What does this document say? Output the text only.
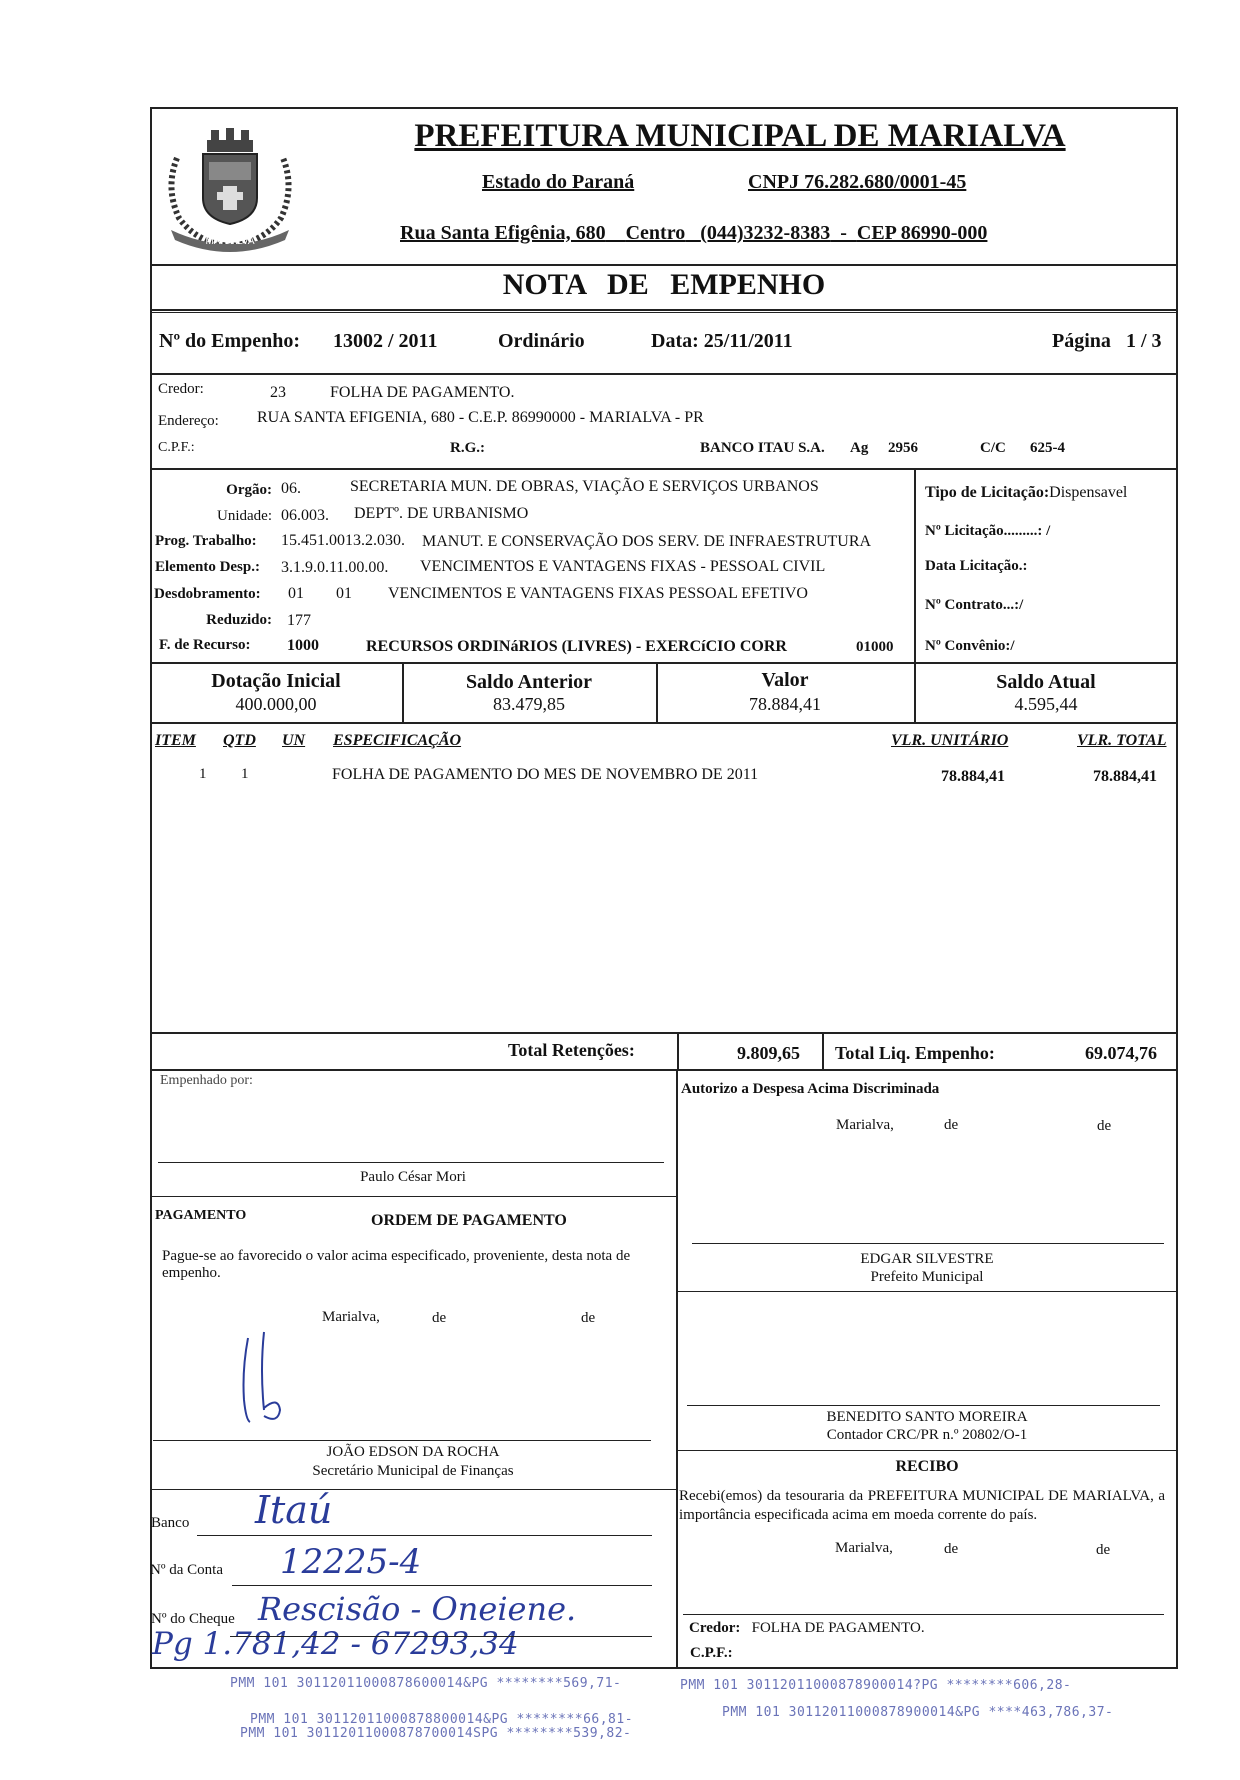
MARIALVA
PREFEITURA MUNICIPAL DE MARIALVA
Estado do Paraná	CNPJ 76.282.680/0001-45
Rua Santa Efigênia, 680 Centro (044)3232-8383  -  CEP 86990-000
NOTA DE EMPENHO
Nº do Empenho: 13002 / 2011	Ordinário	Data: 25/11/2011	Página 1 / 3
Credor:	23	FOLHA DE PAGAMENTO.
Endereço: RUA SANTA EFIGENIA, 680 - C.E.P. 86990000 - MARIALVA - PR
C.P.F.:	R.G.:	BANCO ITAU S.A. Ag 2956	C/C 625-4
Orgão: 06.	SECRETARIA MUN. DE OBRAS, VIAÇÃO E SERVIÇOS URBANOS
Unidade: 06.003. DEPTº. DE URBANISMO
Prog. Trabalho: 15.451.0013.2.030. MANUT. E CONSERVAÇÃO DOS SERV. DE INFRAESTRUTURA
Elemento Desp.: 3.1.9.0.11.00.00. VENCIMENTOS E VANTAGENS FIXAS - PESSOAL CIVIL
Desdobramento: 01 01 VENCIMENTOS E VANTAGENS FIXAS PESSOAL EFETIVO
Reduzido: 177
F. de Recurso: 1000	RECURSOS ORDINáRIOS (LIVRES) - EXERCíCIO CORR	01000
Tipo de Licitação:Dispensavel
Nº Licitação.........: /
Data Licitação.:
Nº Contrato...:/
Nº Convênio:/
Dotação Inicial
400.000,00
Saldo Anterior
83.479,85
Valor
78.884,41
Saldo Atual
4.595,44
ITEM QTD UN ESPECIFICAÇÃO	VLR. UNITÁRIO	VLR. TOTAL
1 1	FOLHA DE PAGAMENTO DO MES DE NOVEMBRO DE 2011	78.884,41	78.884,41
Total Retenções:	9.809,65 Total Liq. Empenho:	69.074,76
Empenhado por:
Paulo César Mori
PAGAMENTO	ORDEM DE PAGAMENTO
Pague-se ao favorecido o valor acima especificado, proveniente, desta nota de empenho.
Marialva,	de	de
JOÃO EDSON DA ROCHA
Secretário Municipal de Finanças
Banco Itaú
Nº da Conta 12225-4
Nº do Cheque Rescisão - Oneiene.
Pg 1.781,42 - 67293,34
Autorizo a Despesa Acima Discriminada
Marialva,	de	de
EDGAR SILVESTRE
Prefeito Municipal
BENEDITO SANTO MOREIRA
Contador CRC/PR n.º 20802/O-1
RECIBO
Recebi(emos) da tesouraria da PREFEITURA MUNICIPAL DE MARIALVA, a importância especificada acima em moeda corrente do país.
Marialva,	de	de
Credor: FOLHA DE PAGAMENTO.
C.P.F.:
PMM 101 30112011000878600014&PG ********569,71-	PMM 101 30112011000878900014?PG ********606,28-
PMM 101 30112011000878800014&PG ********66,81-	PMM 101 30112011000878900014&PG ****463,786,37-
PMM 101 30112011000878700014SPG ********539,82-
